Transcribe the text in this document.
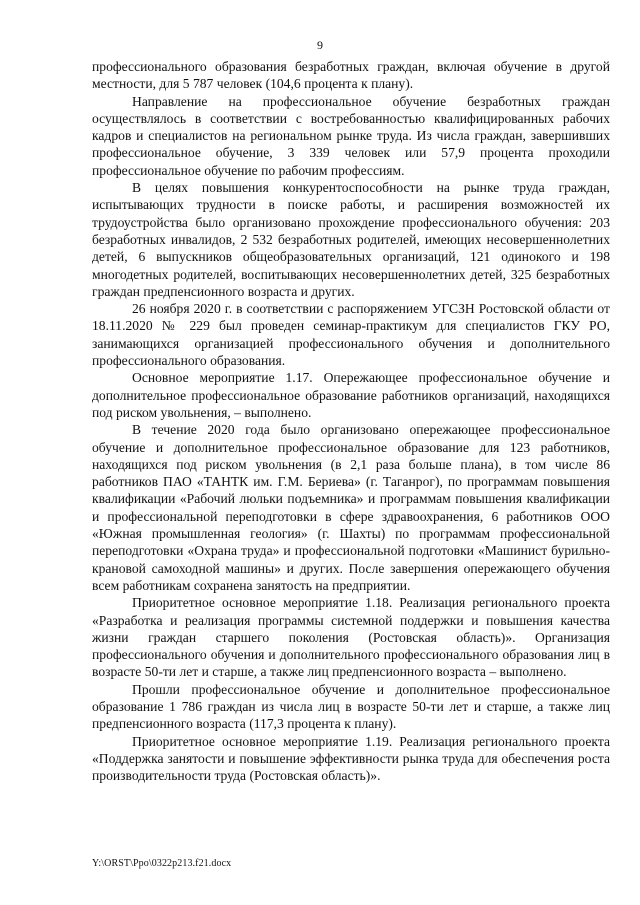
9

профессионального образования безработных граждан, включая обучение в другой местности, для 5 787 человек (104,6 процента к плану).

Направление на профессиональное обучение безработных граждан осуществлялось в соответствии с востребованностью квалифицированных рабочих кадров и специалистов на региональном рынке труда. Из числа граждан, завершивших профессиональное обучение, 3 339 человек или 57,9 процента проходили профессиональное обучение по рабочим профессиям.

В целях повышения конкурентоспособности на рынке труда граждан, испытывающих трудности в поиске работы, и расширения возможностей их трудоустройства было организовано прохождение профессионального обучения: 203 безработных инвалидов, 2 532 безработных родителей, имеющих несовершеннолетних детей, 6 выпускников общеобразовательных организаций, 121 одинокого и 198 многодетных родителей, воспитывающих несовершеннолетних детей, 325 безработных граждан предпенсионного возраста и других.

26 ноября 2020 г. в соответствии с распоряжением УГСЗН Ростовской области от 18.11.2020 № 229 был проведен семинар-практикум для специалистов ГКУ РО, занимающихся организацией профессионального обучения и дополнительного профессионального образования.

Основное мероприятие 1.17. Опережающее профессиональное обучение и дополнительное профессиональное образование работников организаций, находящихся под риском увольнения, – выполнено.

В течение 2020 года было организовано опережающее профессиональное обучение и дополнительное профессиональное образование для 123 работников, находящихся под риском увольнения (в 2,1 раза больше плана), в том числе 86 работников ПАО «ТАНТК им. Г.М. Бериева» (г. Таганрог), по программам повышения квалификации «Рабочий люльки подъемника» и программам повышения квалификации и профессиональной переподготовки в сфере здравоохранения, 6 работников ООО «Южная промышленная геология» (г. Шахты) по программам профессиональной переподготовки «Охрана труда» и профессиональной подготовки «Машинист бурильно-крановой самоходной машины» и других. После завершения опережающего обучения всем работникам сохранена занятость на предприятии.

Приоритетное основное мероприятие 1.18. Реализация регионального проекта «Разработка и реализация программы системной поддержки и повышения качества жизни граждан старшего поколения (Ростовская область)». Организация профессионального обучения и дополнительного профессионального образования лиц в возрасте 50-ти лет и старше, а также лиц предпенсионного возраста – выполнено.

Прошли профессиональное обучение и дополнительное профессиональное образование 1 786 граждан из числа лиц в возрасте 50-ти лет и старше, а также лиц предпенсионного возраста (117,3 процента к плану).

Приоритетное основное мероприятие 1.19. Реализация регионального проекта «Поддержка занятости и повышение эффективности рынка труда для обеспечения роста производительности труда (Ростовская область)».

Y:\ORST\Ppo\0322p213.f21.docx
